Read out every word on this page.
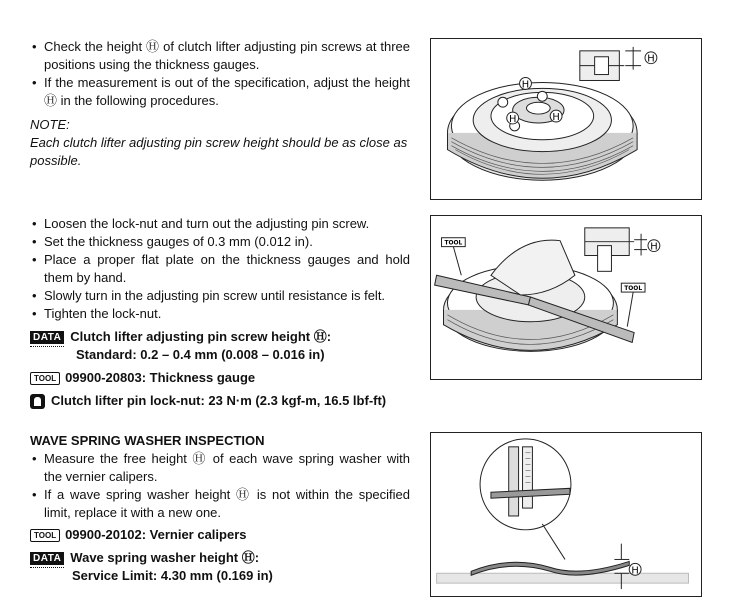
• Check the height Ⓗ of clutch lifter adjusting pin screws at three positions using the thickness gauges.
• If the measurement is out of the specification, adjust the height Ⓗ in the following procedures.
NOTE:
Each clutch lifter adjusting pin screw height should be as close as possible.
H
H
H	H
• Loosen the lock-nut and turn out the adjusting pin screw.
• Set the thickness gauges of 0.3 mm (0.012 in).
• Place a proper flat plate on the thickness gauges and hold them by hand.
• Slowly turn in the adjusting pin screw until resistance is felt.
• Tighten the lock-nut.
DATA Clutch lifter adjusting pin screw height Ⓗ:
Standard: 0.2 – 0.4 mm (0.008 – 0.016 in)
TOOL 09900-20803: Thickness gauge
Clutch lifter pin lock-nut: 23 N·m (2.3 kgf-m, 16.5 lbf-ft)
TOOL
TOOL
H
WAVE SPRING WASHER INSPECTION
• Measure the free height Ⓗ of each wave spring washer with the vernier calipers.
• If a wave spring washer height Ⓗ is not within the specified limit, replace it with a new one.
TOOL 09900-20102: Vernier calipers
DATA Wave spring washer height Ⓗ:
Service Limit: 4.30 mm (0.169 in)	H
